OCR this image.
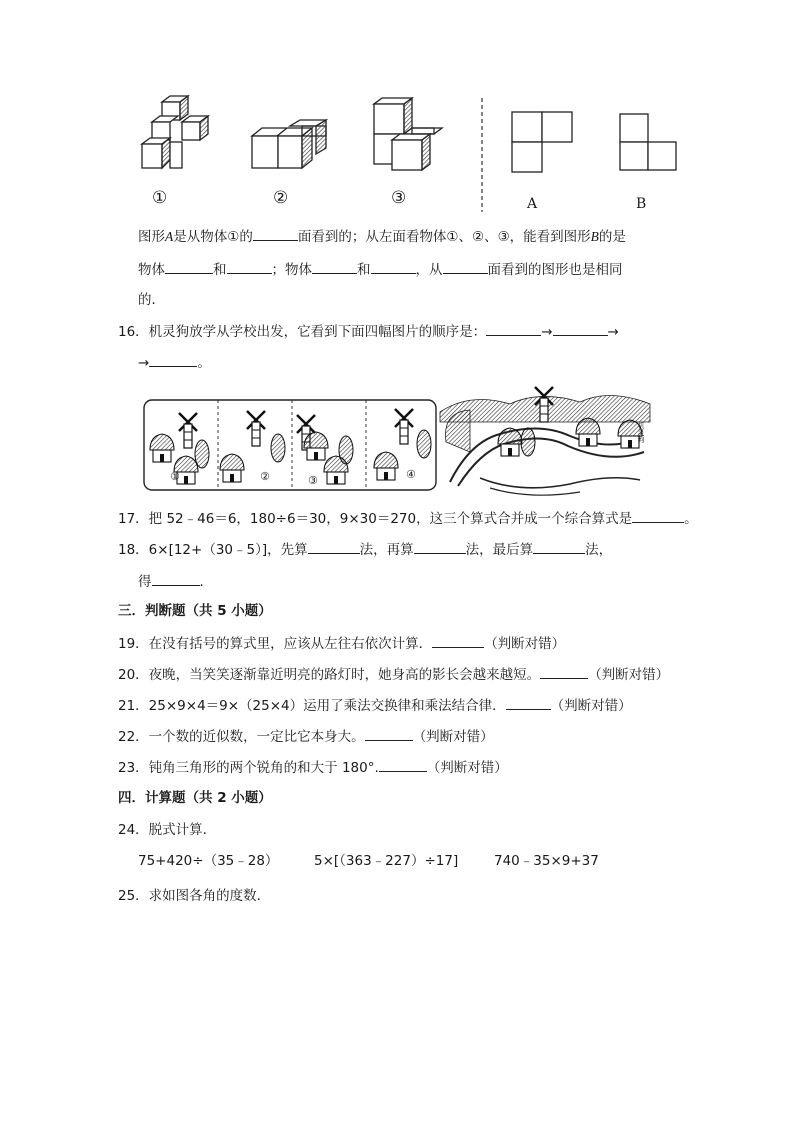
①	②	③	A	B
图形A是从物体①的	面看到的；从左面看物体①、②、③，能看到图形B的是
物体	和	；物体	和	，从	面看到的图形也是相同
的．
16．机灵狗放学从学校出发，它看到下面四幅图片的顺序是：	→	→
→	。
①	②	③	④
机灵狗
17．把 52﹣46＝6，180÷6＝30，9×30＝270，这三个算式合并成一个综合算式是	。
18．6×[12+（30﹣5）]，先算	法，再算	法，最后算	法，
得	．
三．判断题（共 5 小题）
19．在没有括号的算式里，应该从左往右依次计算．	（判断对错）
20．夜晚，当笑笑逐渐靠近明亮的路灯时，她身高的影长会越来越短。	（判断对错）
21．25×9×4＝9×（25×4）运用了乘法交换律和乘法结合律．	（判断对错）
22．一个数的近似数，一定比它本身大。	（判断对错）
23．钝角三角形的两个锐角的和大于 180°.	（判断对错）
四．计算题（共 2 小题）
24．脱式计算．
75+420÷（35﹣28）	5×[（363﹣227）÷17]	740﹣35×9+37
25．求如图各角的度数．
